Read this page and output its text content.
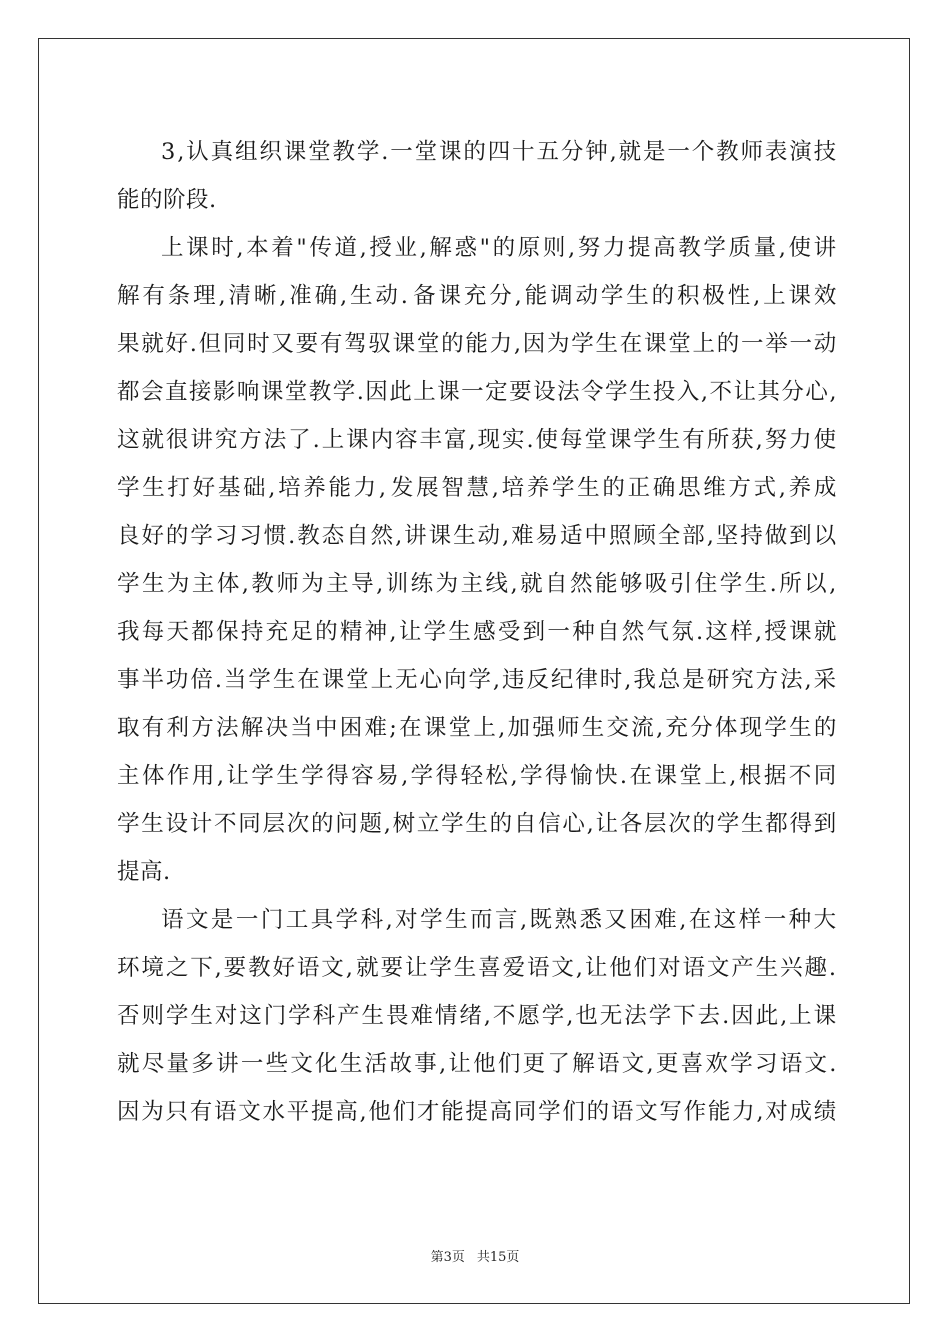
3 , 认 真 组 织 课 堂 教 学 . 一 堂 课 的 四 十 五 分 钟 , 就 是 一 个 教 师 表 演 技
能的阶段.
上 课 时 , 本 着 " 传 道 , 授 业 , 解 惑 " 的 原 则 , 努 力 提 高 教 学 质 量 , 使 讲
解 有 条 理 , 清 晰 , 准 确 , 生 动 . 备 课 充 分 , 能 调 动 学 生 的 积 极 性 , 上 课 效
果 就 好 . 但 同 时 又 要 有 驾 驭 课 堂 的 能 力 , 因 为 学 生 在 课 堂 上 的 一 举 一 动
都 会 直 接 影 响 课 堂 教 学 . 因 此 上 课 一 定 要 设 法 令 学 生 投 入 , 不 让 其 分 心 ,
这 就 很 讲 究 方 法 了 . 上 课 内 容 丰 富 , 现 实 . 使 每 堂 课 学 生 有 所 获 , 努 力 使
学 生 打 好 基 础 , 培 养 能 力 , 发 展 智 慧 , 培 养 学 生 的 正 确 思 维 方 式 , 养 成
良 好 的 学 习 习 惯 . 教 态 自 然 , 讲 课 生 动 , 难 易 适 中 照 顾 全 部 , 坚 持 做 到 以
学 生 为 主 体 , 教 师 为 主 导 , 训 练 为 主 线 , 就 自 然 能 够 吸 引 住 学 生 . 所 以 ,
我 每 天 都 保 持 充 足 的 精 神 , 让 学 生 感 受 到 一 种 自 然 气 氛 . 这 样 , 授 课 就
事 半 功 倍 . 当 学 生 在 课 堂 上 无 心 向 学 , 违 反 纪 律 时 , 我 总 是 研 究 方 法 , 采
取 有 利 方 法 解 决 当 中 困 难 ; 在 课 堂 上 , 加 强 师 生 交 流 , 充 分 体 现 学 生 的
主 体 作 用 , 让 学 生 学 得 容 易 , 学 得 轻 松 , 学 得 愉 快 . 在 课 堂 上 , 根 据 不 同
学 生 设 计 不 同 层 次 的 问 题 , 树 立 学 生 的 自 信 心 , 让 各 层 次 的 学 生 都 得 到
提高.
语 文 是 一 门 工 具 学 科 , 对 学 生 而 言 , 既 熟 悉 又 困 难 , 在 这 样 一 种 大
环 境 之 下 , 要 教 好 语 文 , 就 要 让 学 生 喜 爱 语 文 , 让 他 们 对 语 文 产 生 兴 趣 .
否 则 学 生 对 这 门 学 科 产 生 畏 难 情 绪 , 不 愿 学 , 也 无 法 学 下 去 . 因 此 , 上 课
就 尽 量 多 讲 一 些 文 化 生 活 故 事 , 让 他 们 更 了 解 语 文 , 更 喜 欢 学 习 语 文 .
因 为 只 有 语 文 水 平 提 高 , 他 们 才 能 提 高 同 学 们 的 语 文 写 作 能 力 , 对 成 绩
第3页 共15页
